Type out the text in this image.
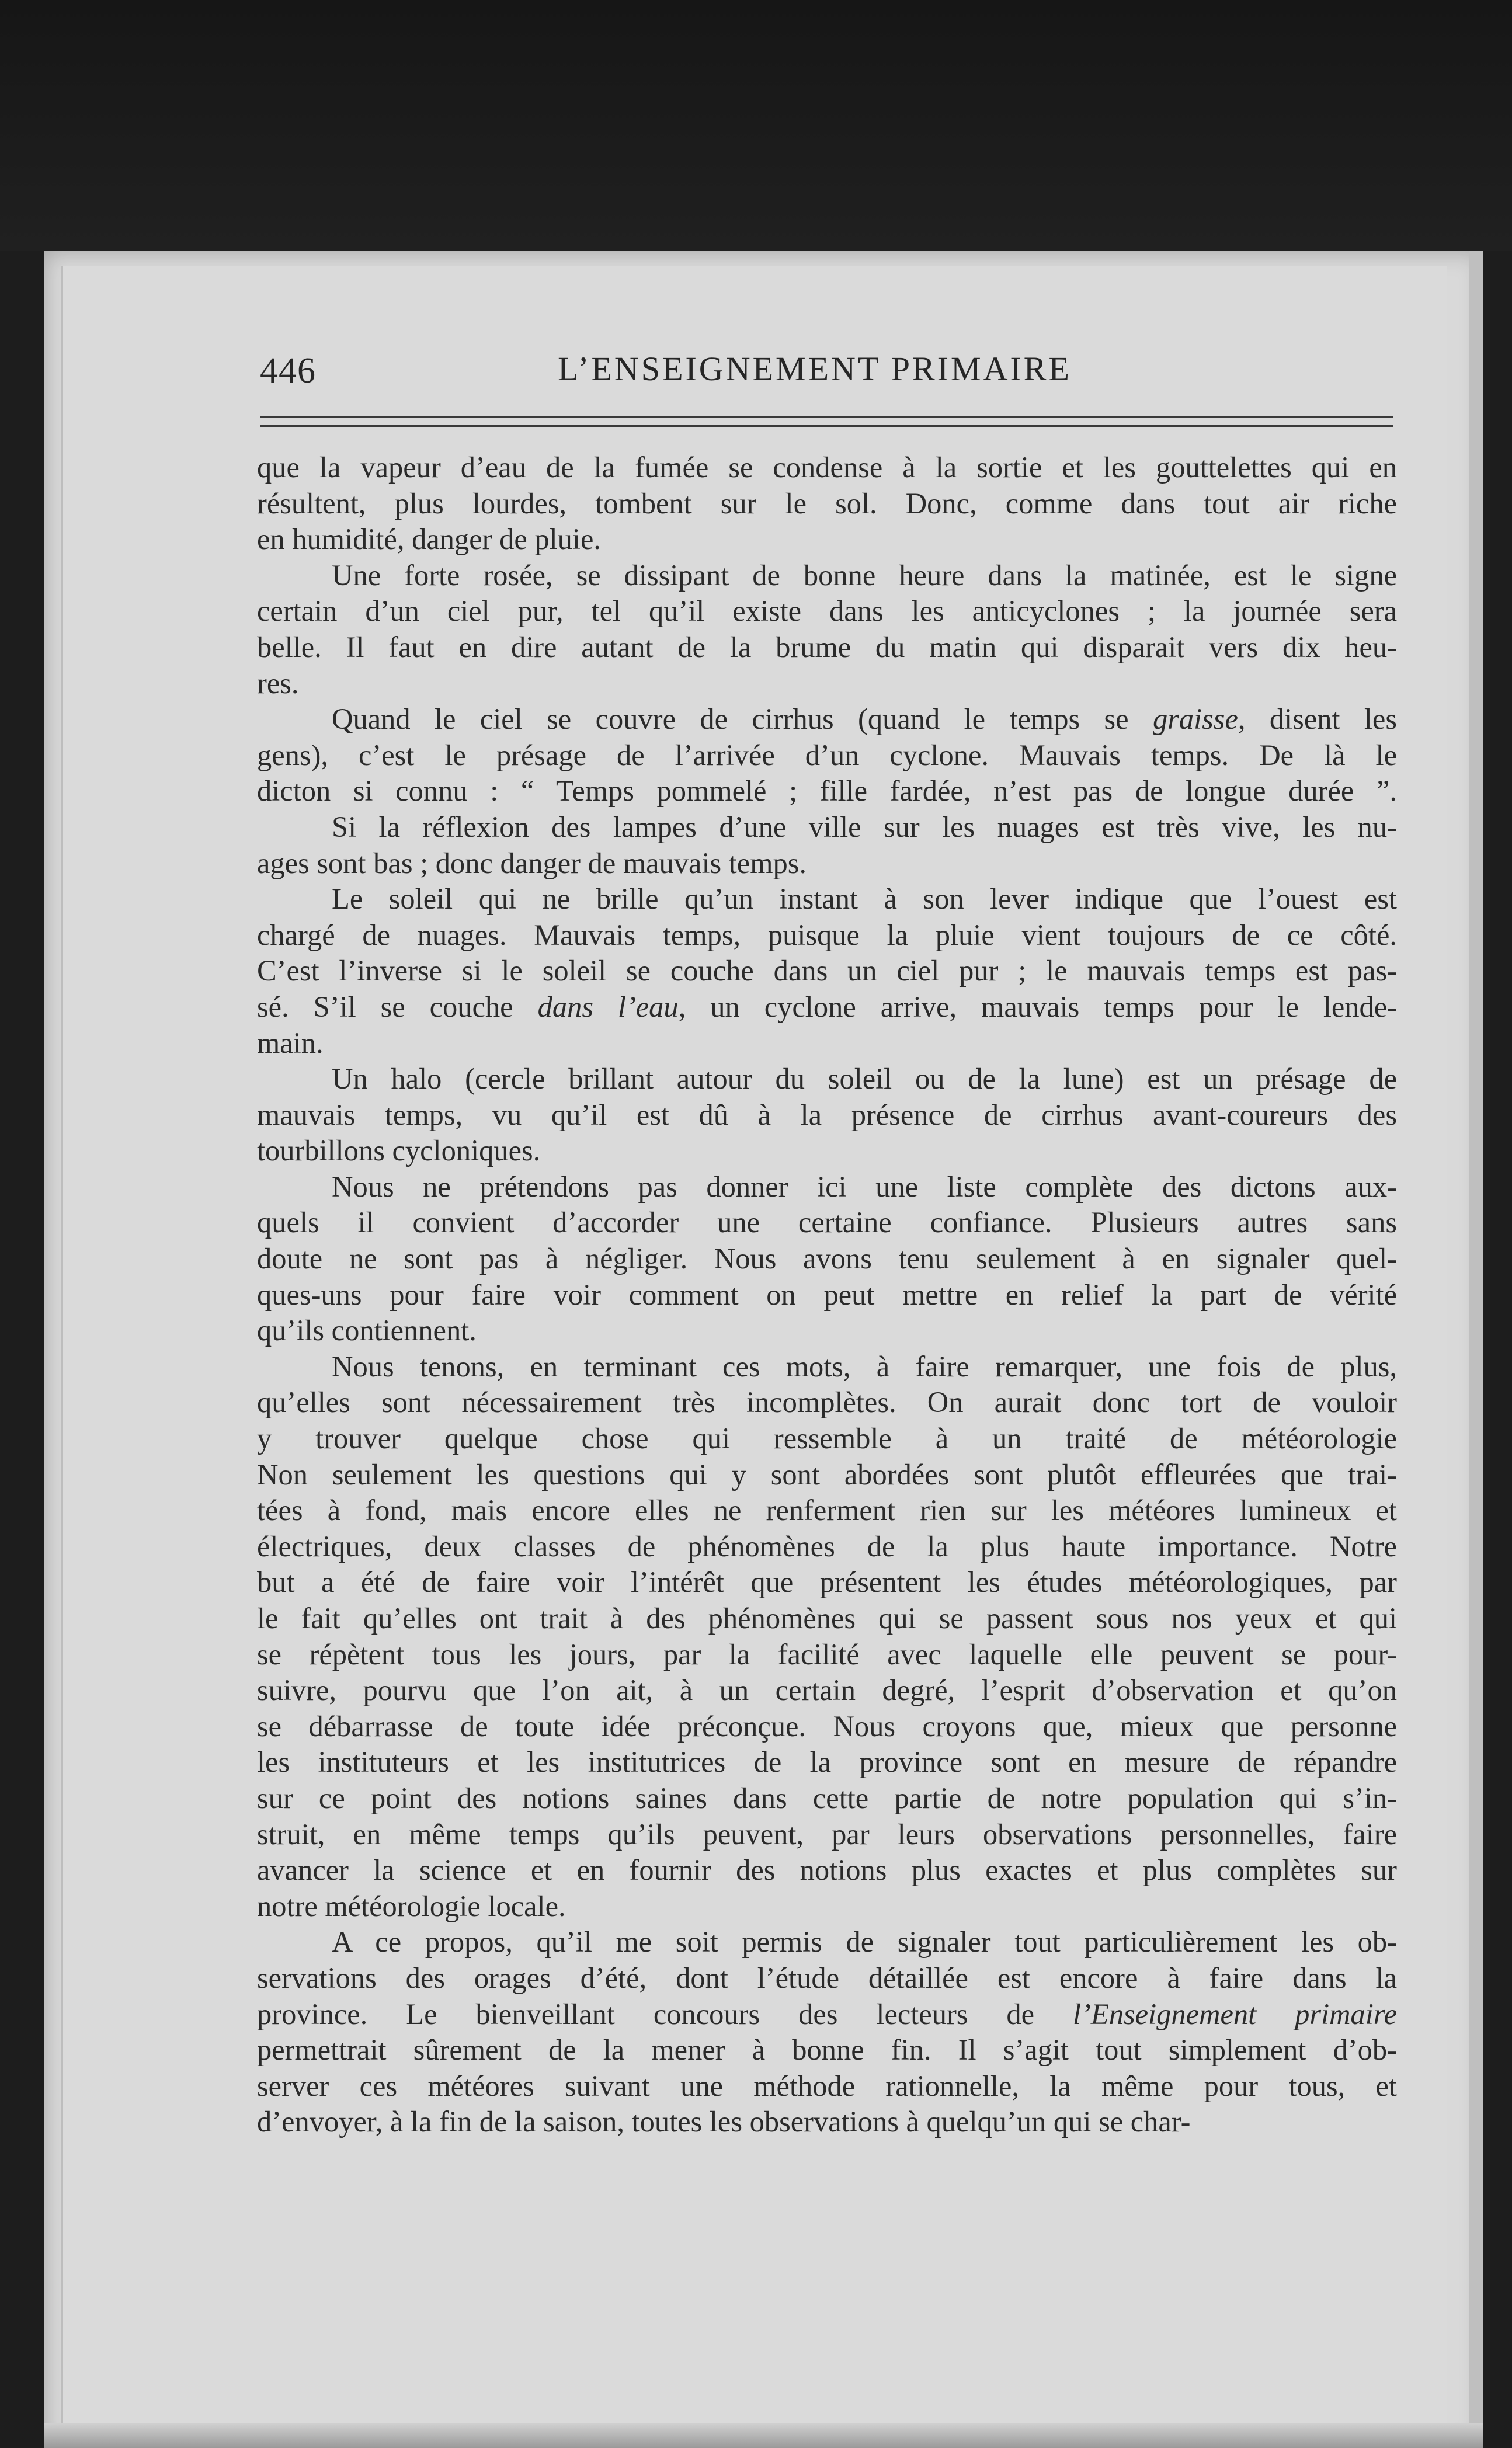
446	L’ENSEIGNEMENT PRIMAIRE
que la vapeur d’eau de la fumée se condense à la sortie et les gouttelettes qui en
résultent, plus lourdes, tombent sur le sol. Donc, comme dans tout air riche
en humidité, danger de pluie.
Une forte rosée, se dissipant de bonne heure dans la matinée, est le signe
certain d’un ciel pur, tel qu’il existe dans les anticyclones ; la journée sera
belle. Il faut en dire autant de la brume du matin qui disparait vers dix heu-
res.
Quand le ciel se couvre de cirrhus (quand le temps se graisse, disent les
gens), c’est le présage de l’arrivée d’un cyclone. Mauvais temps. De là le
dicton si connu : “ Temps pommelé ; fille fardée, n’est pas de longue durée ”.
Si la réflexion des lampes d’une ville sur les nuages est très vive, les nu-
ages sont bas ; donc danger de mauvais temps.
Le soleil qui ne brille qu’un instant à son lever indique que l’ouest est
chargé de nuages. Mauvais temps, puisque la pluie vient toujours de ce côté.
C’est l’inverse si le soleil se couche dans un ciel pur ; le mauvais temps est pas-
sé. S’il se couche dans l’eau, un cyclone arrive, mauvais temps pour le lende-
main.
Un halo (cercle brillant autour du soleil ou de la lune) est un présage de
mauvais temps, vu qu’il est dû à la présence de cirrhus avant-coureurs des
tourbillons cycloniques.
Nous ne prétendons pas donner ici une liste complète des dictons aux-
quels il convient d’accorder une certaine confiance. Plusieurs autres sans
doute ne sont pas à négliger. Nous avons tenu seulement à en signaler quel-
ques-uns pour faire voir comment on peut mettre en relief la part de vérité
qu’ils contiennent.
Nous tenons, en terminant ces mots, à faire remarquer, une fois de plus,
qu’elles sont nécessairement très incomplètes. On aurait donc tort de vouloir
y trouver quelque chose qui ressemble à un traité de météorologie
Non seulement les questions qui y sont abordées sont plutôt effleurées que trai-
tées à fond, mais encore elles ne renferment rien sur les météores lumineux et
électriques, deux classes de phénomènes de la plus haute importance. Notre
but a été de faire voir l’intérêt que présentent les études météorologiques, par
le fait qu’elles ont trait à des phénomènes qui se passent sous nos yeux et qui
se répètent tous les jours, par la facilité avec laquelle elle peuvent se pour-
suivre, pourvu que l’on ait, à un certain degré, l’esprit d’observation et qu’on
se débarrasse de toute idée préconçue. Nous croyons que, mieux que personne
les instituteurs et les institutrices de la province sont en mesure de répandre
sur ce point des notions saines dans cette partie de notre population qui s’in-
struit, en même temps qu’ils peuvent, par leurs observations personnelles, faire
avancer la science et en fournir des notions plus exactes et plus complètes sur
notre météorologie locale.
A ce propos, qu’il me soit permis de signaler tout particulièrement les ob-
servations des orages d’été, dont l’étude détaillée est encore à faire dans la
province. Le bienveillant concours des lecteurs de l’Enseignement primaire
permettrait sûrement de la mener à bonne fin. Il s’agit tout simplement d’ob-
server ces météores suivant une méthode rationnelle, la même pour tous, et
d’envoyer, à la fin de la saison, toutes les observations à quelqu’un qui se char-
